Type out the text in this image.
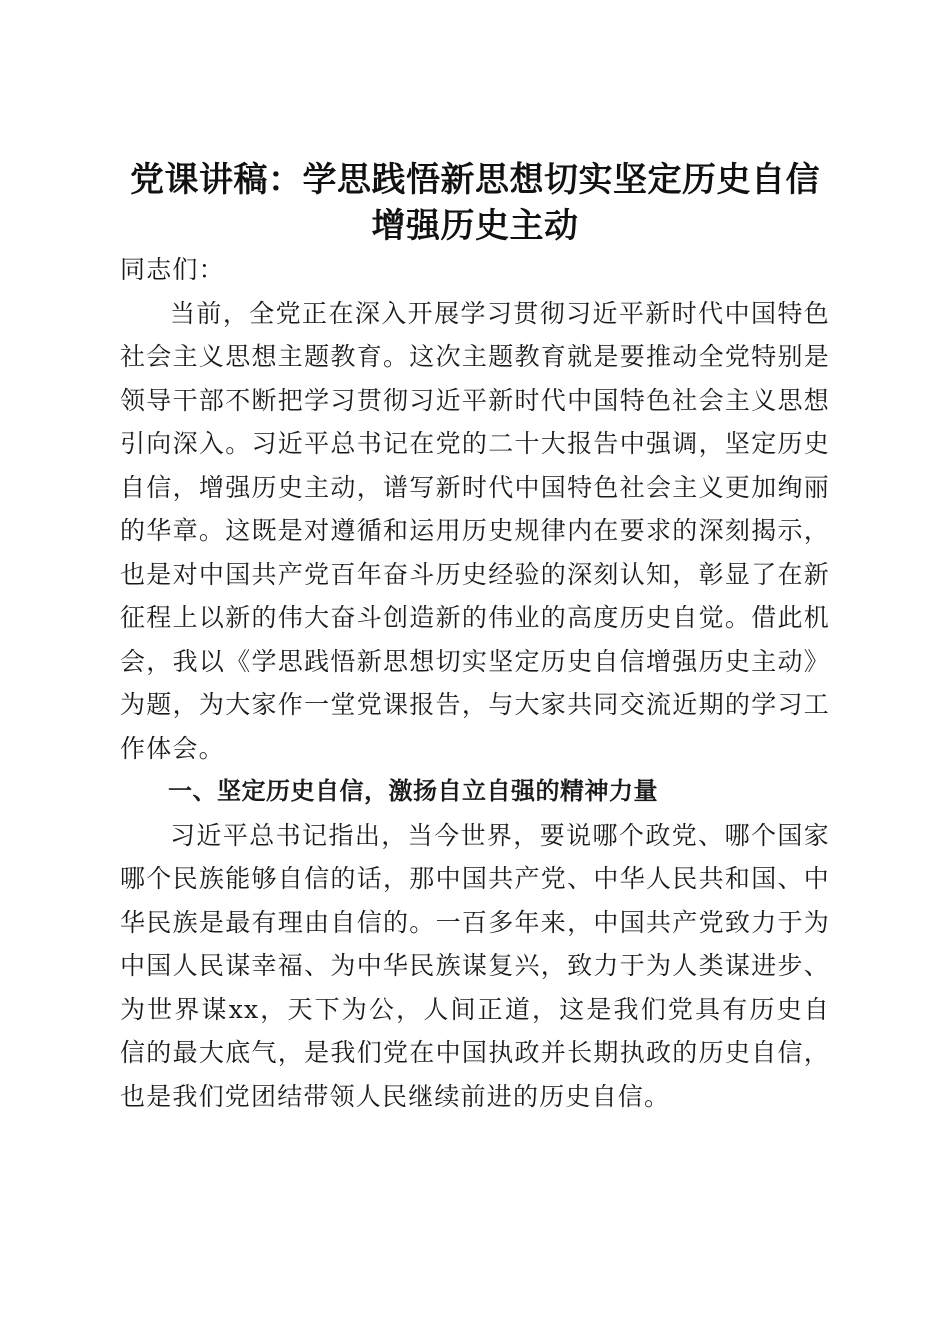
党课讲稿：学思践悟新思想切实坚定历史自信
增强历史主动

同志们：

当前，全党正在深入开展学习贯彻习近平新时代中国特色社会主义思想主题教育。这次主题教育就是要推动全党特别是领导干部不断把学习贯彻习近平新时代中国特色社会主义思想引向深入。习近平总书记在党的二十大报告中强调，坚定历史自信，增强历史主动，谱写新时代中国特色社会主义更加绚丽的华章。这既是对遵循和运用历史规律内在要求的深刻揭示，也是对中国共产党百年奋斗历史经验的深刻认知，彰显了在新征程上以新的伟大奋斗创造新的伟业的高度历史自觉。借此机会，我以《学思践悟新思想切实坚定历史自信增强历史主动》为题，为大家作一堂党课报告，与大家共同交流近期的学习工作体会。

一、坚定历史自信，激扬自立自强的精神力量

习近平总书记指出，当今世界，要说哪个政党、哪个国家哪个民族能够自信的话，那中国共产党、中华人民共和国、中华民族是最有理由自信的。一百多年来，中国共产党致力于为中国人民谋幸福、为中华民族谋复兴，致力于为人类谋进步、为世界谋xx，天下为公，人间正道，这是我们党具有历史自信的最大底气，是我们党在中国执政并长期执政的历史自信，也是我们党团结带领人民继续前进的历史自信。
